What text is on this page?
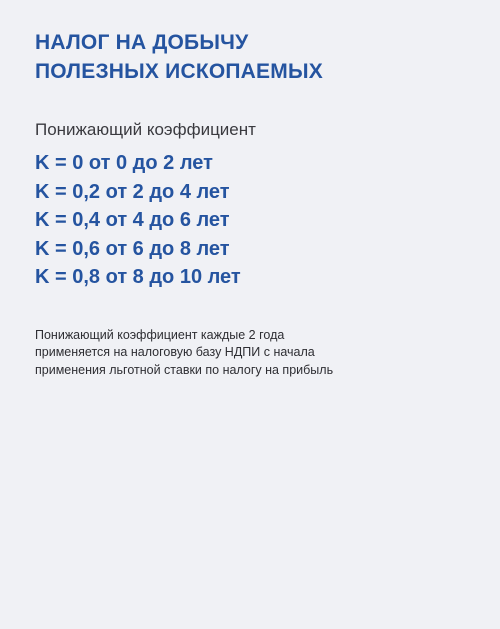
НАЛОГ НА ДОБЫЧУ
ПОЛЕЗНЫХ ИСКОПАЕМЫХ
Понижающий коэффициент
K = 0 от 0 до 2 лет
K = 0,2 от 2 до 4 лет
K = 0,4 от 4 до 6 лет
K = 0,6 от 6 до 8 лет
K = 0,8 от 8 до 10 лет

Понижающий коэффициент каждые 2 года
применяется на налоговую базу НДПИ с начала
применения льготной ставки по налогу на прибыль
